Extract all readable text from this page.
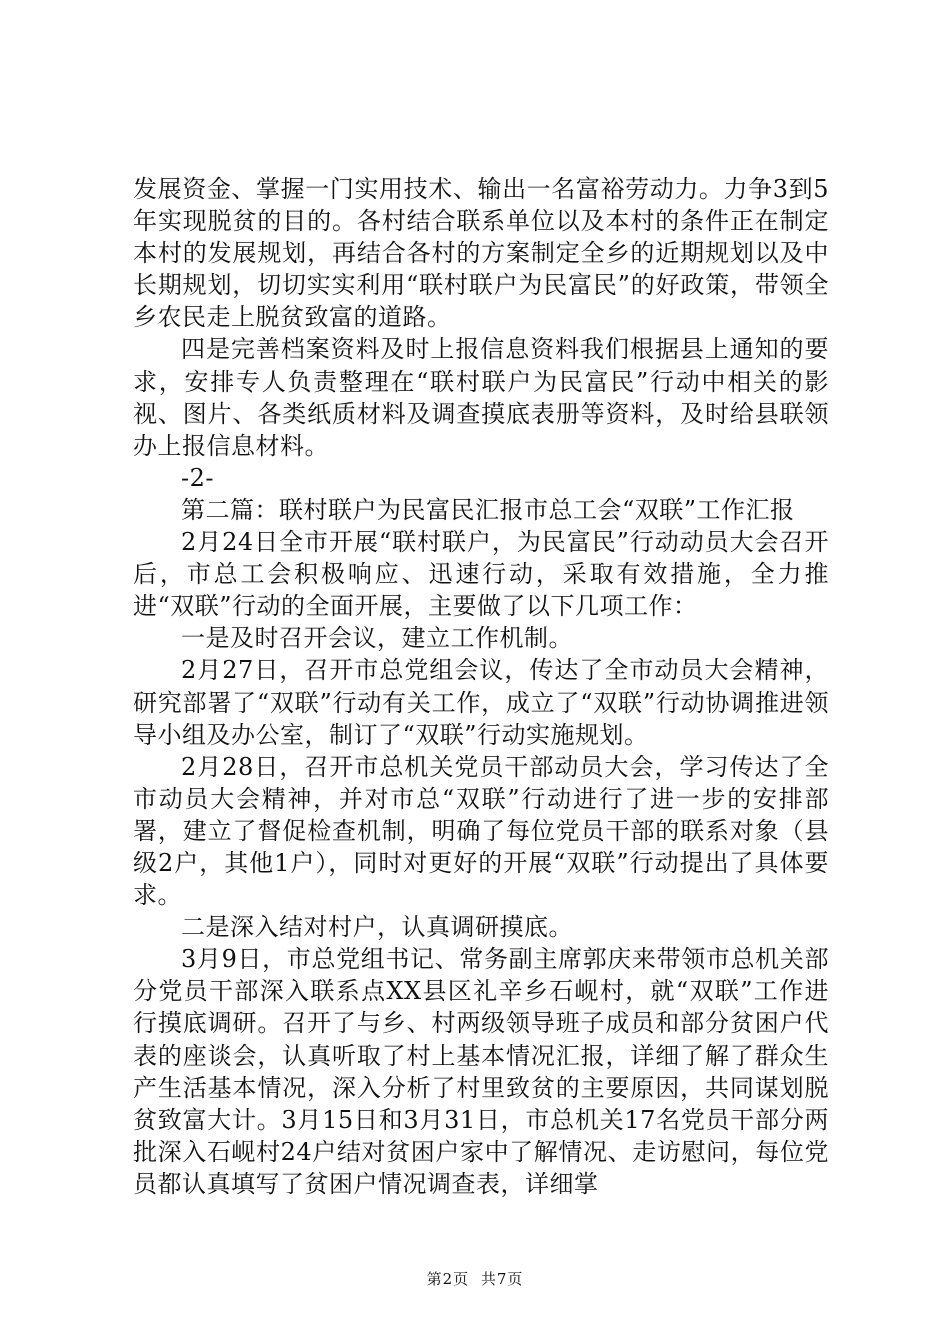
发展资金、掌握一门实用技术、输出一名富裕劳动力。力争3到5年实现脱贫的目的。各村结合联系单位以及本村的条件正在制定本村的发展规划，再结合各村的方案制定全乡的近期规划以及中长期规划，切切实实利用“联村联户为民富民”的好政策，带领全乡农民走上脱贫致富的道路。

四是完善档案资料及时上报信息资料我们根据县上通知的要求，安排专人负责整理在“联村联户为民富民”行动中相关的影视、图片、各类纸质材料及调查摸底表册等资料，及时给县联领办上报信息材料。

-2-

第二篇：联村联户为民富民汇报市总工会“双联”工作汇报

2月24日全市开展“联村联户，为民富民”行动动员大会召开后，市总工会积极响应、迅速行动，采取有效措施，全力推进“双联”行动的全面开展，主要做了以下几项工作：

一是及时召开会议，建立工作机制。

2月27日，召开市总党组会议，传达了全市动员大会精神，研究部署了“双联”行动有关工作，成立了“双联”行动协调推进领导小组及办公室，制订了“双联”行动实施规划。

2月28日，召开市总机关党员干部动员大会，学习传达了全市动员大会精神，并对市总“双联”行动进行了进一步的安排部署，建立了督促检查机制，明确了每位党员干部的联系对象（县级2户，其他1户），同时对更好的开展“双联”行动提出了具体要求。

二是深入结对村户，认真调研摸底。

3月9日，市总党组书记、常务副主席郭庆来带领市总机关部分党员干部深入联系点XX县区礼辛乡石岘村，就“双联”工作进行摸底调研。召开了与乡、村两级领导班子成员和部分贫困户代表的座谈会，认真听取了村上基本情况汇报，详细了解了群众生产生活基本情况，深入分析了村里致贫的主要原因，共同谋划脱贫致富大计。3月15日和3月31日，市总机关17名党员干部分两批深入石岘村24户结对贫困户家中了解情况、走访慰问，每位党员都认真填写了贫困户情况调查表，详细掌

第2页 共7页
